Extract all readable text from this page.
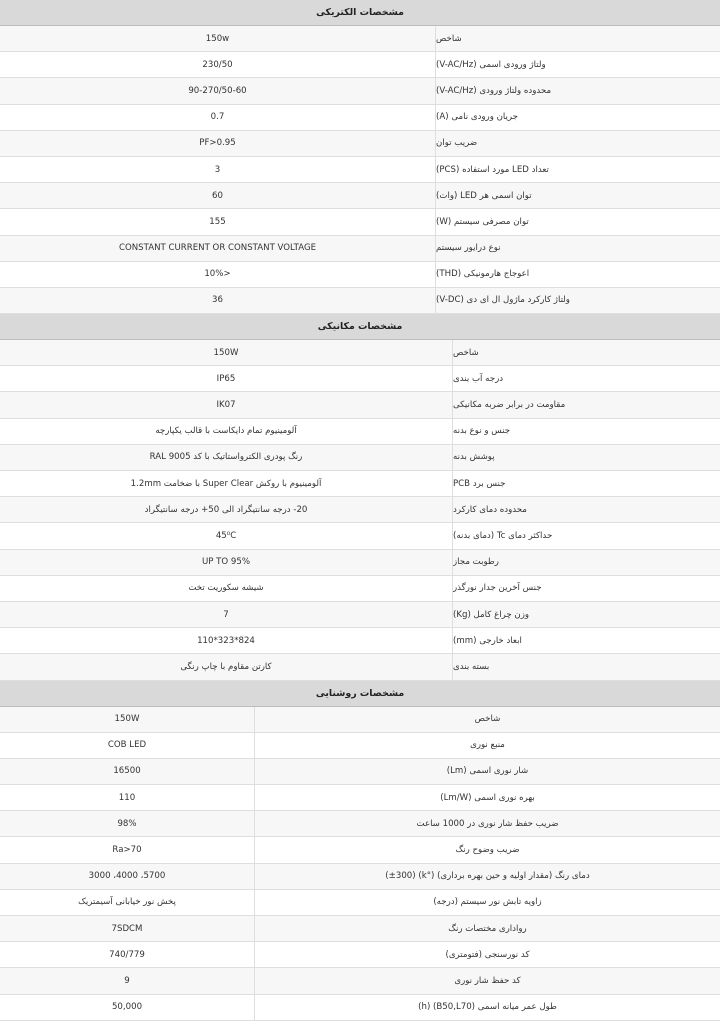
مشخصات الکتریکی
150w	شاخص
230/50	ولتاژ ورودی اسمی (V-AC/Hz)
90-270/50-60	محدوده ولتاژ ورودی (V-AC/Hz)
0.7	جریان ورودی نامی (A)
PF>0.95	ضریب توان
3	تعداد LED مورد استفاده (PCS)
60	توان اسمی هر LED (وات)
155	توان مصرفی سیستم (W)
CONSTANT CURRENT OR CONSTANT VOLTAGE	نوع درایور سیستم
<10%	اعوجاج هارمونیکی (THD)
36	ولتاژ کارکرد ماژول ال ای دی (V-DC)
مشخصات مکانیکی
150W	شاخص
IP65	درجه آب بندی
IK07	مقاومت در برابر ضربه مکانیکی
آلومینیوم تمام دایکاست با قالب یکپارچه	جنس و نوع بدنه
رنگ پودری الکترواستاتیک با کد RAL 9005	پوشش بدنه
آلومینیوم با روکش Super Clear با ضخامت 1.2mm	جنس برد PCB
20- درجه سانتیگراد الی 50+ درجه سانتیگراد	محدوده دمای کارکرد
45⁰C	حداکثر دمای Tc (دمای بدنه)
UP TO 95%	رطوبت مجاز
شیشه سکوریت تخت	جنس آخرین جدار نورگذر
7	وزن چراغ کامل (Kg)
824*323*110	ابعاد خارجی (mm)
کارتن مقاوم با چاپ رنگی	بسته بندی
مشخصات روشنایی
150W	شاخص
COB LED	منبع نوری
16500	شار نوری اسمی (Lm)
110	بهره نوری اسمی (Lm/W)
98%	ضریب حفظ شار نوری در 1000 ساعت
Ra>70	ضریب وضوح رنگ
5700، 4000، 3000	دمای رنگ (مقدار اولیه و حین بهره برداری) (°k) (±300)
پخش نور خیابانی آسیمتریک	زاویه تابش نور سیستم (درجه)
7SDCM	رواداری مختصات رنگ
740/779	کد نورسنجی (فتومتری)
9	کد حفظ شار نوری
50,000	طول عمر میانه اسمی (B50,L70) (h)
